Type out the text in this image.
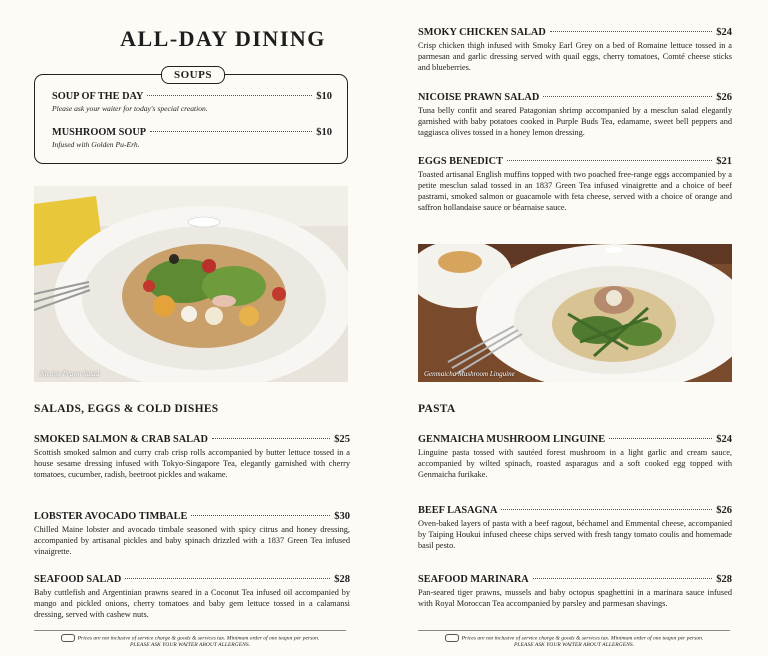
ALL-DAY DINING
SOUPS
SOUP OF THE DAY	$10
Please ask your waiter for today's special creation.
MUSHROOM SOUP	$10
Infused with Golden Pu-Erh.
Nicoise Prawn Salad
SALADS, EGGS & COLD DISHES
SMOKED SALMON & CRAB SALAD	$25
Scottish smoked salmon and curry crab crisp rolls accompanied by butter lettuce tossed in a house sesame dressing infused with Tokyo-Singapore Tea, elegantly garnished with cherry tomatoes, cucumber, radish, beetroot pickles and wakame.
LOBSTER AVOCADO TIMBALE	$30
Chilled Maine lobster and avocado timbale seasoned with spicy citrus and honey dressing, accompanied by artisanal pickles and baby spinach drizzled with a 1837 Green Tea infused vinaigrette.
SEAFOOD SALAD	$28
Baby cuttlefish and Argentinian prawns seared in a Coconut Tea infused oil accompanied by mango and pickled onions, cherry tomatoes and baby gem lettuce tossed in a calamansi dressing, served with cashew nuts.
Prices are not inclusive of service charge & goods & services tax. Minimum order of one teapot per person.
PLEASE ASK YOUR WAITER ABOUT ALLERGENS.
SMOKY CHICKEN SALAD	$24
Crisp chicken thigh infused with Smoky Earl Grey on a bed of Romaine lettuce tossed in a parmesan and garlic dressing served with quail eggs, cherry tomatoes, Comté cheese sticks and blueberries.
NICOISE PRAWN SALAD	$26
Tuna belly confit and seared Patagonian shrimp accompanied by a mesclun salad elegantly garnished with baby potatoes cooked in Purple Buds Tea, edamame, sweet bell peppers and taggiasca olives tossed in a honey lemon dressing.
EGGS BENEDICT	$21
Toasted artisanal English muffins topped with two poached free-range eggs accompanied by a petite mesclun salad tossed in an 1837 Green Tea infused vinaigrette and a choice of beef pastrami, smoked salmon or guacamole with feta cheese, served with a choice of orange and saffron hollandaise sauce or béarnaise sauce.
Genmaicha Mushroom Linguine
PASTA
GENMAICHA MUSHROOM LINGUINE	$24
Linguine pasta tossed with sautéed forest mushroom in a light garlic and cream sauce, accompanied by wilted spinach, roasted asparagus and a soft cooked egg topped with Genmaicha furikake.
BEEF LASAGNA	$26
Oven-baked layers of pasta with a beef ragout, béchamel and Emmental cheese, accompanied by Taiping Houkui infused cheese chips served with fresh tangy tomato coulis and homemade basil pesto.
SEAFOOD MARINARA	$28
Pan-seared tiger prawns, mussels and baby octopus spaghettini in a marinara sauce infused with Royal Moroccan Tea accompanied by parsley and parmesan shavings.
Prices are not inclusive of service charge & goods & services tax. Minimum order of one teapot per person.
PLEASE ASK YOUR WAITER ABOUT ALLERGENS.
